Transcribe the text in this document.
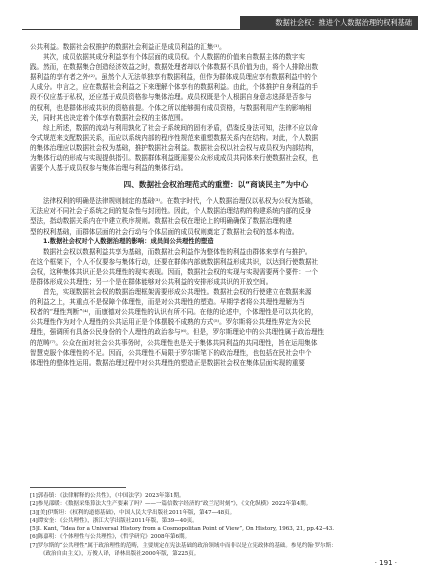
数据社会权：推进个人数据治理的权利基础
公共利益。数据社会权推护的数据社会利益正是成员利益的汇集⁽¹⁾。
其次，成员依据其成分利益享有个体层面的成员权。个人数据的价值来自数据主体的数字实
践。然而，在数据集合创造经济效益之时，数据处理者却以个体数据不具价值为由，将个人排除出数
据利益的享有者之外⁽²⁾。虽然个人无法单独享有数据利益，但作为群体成员理应享有数据利益中的个
人成分。申言之，应在数据社会利益之下来理解个体享有的数据利益。由此，个体推护自身利益的手
段不仅应基于私权，还应基于成员资格参与集体治理。成员权既是个人根据自身意志选择是否参与
的权利，也是群体形成共识的资格前提。个体之所以能够拥有成员资格，与数据利用产生的影响相
关，同时其也决定着个体享有数据社会权的主体范围。
综上所述，数据的流动与利用孰化了社会子系统间的固有矛盾，倡鉴反身法可知，法律不应以命
令式规范来支配数据关系，而应以系统内部的程序性规范来重塑数据关系内在结构。对此，个人数据
的集体治理应以数据社会权为基础，推护数据社会利益。数据社会权以社会权与成员权为内部结构，
为集体行动的形成与实现提供指引。数据群体利益既需要公众形成成员共同体来行使数据社会权，也
需要个人基于成员权参与集体治理与利益的集体行动。
四、数据社会权治理范式的重塑：以“商谈民主”为中心
法律权利的明确是法律规则制定的基础⁽³⁾。在数字时代，个人数据治理仅以私权为公权为基础，
无法应对不同社会子系统之间的复杂性与封闭性。因此，个人数据治理结构的构建系统内部的反身
型法，指动数据关系内在中建立秩序规则。数据社会权在理论上的明确确保了数据治理构建
型的权利基础，而群体层面的社会行动与个体层面的成员权则奠定了数据社会权的基本构造。
1.数据社会权对个人数据治理的影响：成员间公共理性的塑造
数据社会权以数据利益共享为基础，而数据社会利益作为整体性的利益由群体来享有与推护。
在这个框架下，个人不仅要参与集体行动，还要在群体内部就数据利益形成共识，以达到行使数据社
会权，这种集体共识正是公共理性的现实表现。因而，数据社会权的实现与实现需要两个要件：一个
是群体形成公共理性；另一个是在群体能够对公共利益的安排形成共识的开放空间。
首先，实现数据社会权的数据治理框架需要形成公共理性。数据社会权的行使建立在数据来源
的利益之上，其重点不是保障个体理性，而是对公共理性的塑造。早期学者将公共理性理解为当
权者的“理性判断”⁽⁴⁾，而康德对公共理性的认识有所不同。在他的论述中，个体理性是可以共化的，
公共理性作为对个人理性的公共运用正是个体摆脱不成熟的方式⁽⁵⁾。罗尔斯将公共理性界定为公民
理性，强调所有具备公民身份的个人理性的政治参与⁽⁶⁾。但是，罗尔斯理论中的公共理性属于政治理性
的范畴⁽⁷⁾。公众在面对社会公共事务时，公共理性也是关于集体共同利益的共同理性，旨在运用集体
智慧克服个体理性的不足。因而，公共理性不局限于罗尔斯笔下的政治理性，也包括在民社会中个
体理性的整体性运用。数据治理过程中对公共理性的塑造正是数据社会权在集体层面实现的重要
[1]郭春镇：《法律解释的公共性》，《中国法学》2023年第1期。
[2]参见邵暖：《数据采集算法大生产要素了吗？——一篇信数字经济的“政兰尼时刻”》，《文化纵横》2022年第4期。
[3][美]伊斯坦：《权利的道德基础》，中国人民大学出版社2011年版，第47—48页。
[4]谭安奎：《公共理性》，浙江大学出版社2011年版，第39—40页。
[5]I. Kant, “Idea for a Universal History from a Cosmopolitan Point of View”, On History, 1963, 21, pp.42–43.
[6]陈嘉明：《个体理性与公共理性》，《哲学研究》2008年第6期。
[7]罗尔斯的“公共理性”属于政治理性的范畴，主要规定在宪法基础的政治领域中而非以是立宪政体的基础。参见约翰·罗尔斯：
《政治自由主义》，万俊人译，译林出版社2000年版，第225页。
· 191 ·
